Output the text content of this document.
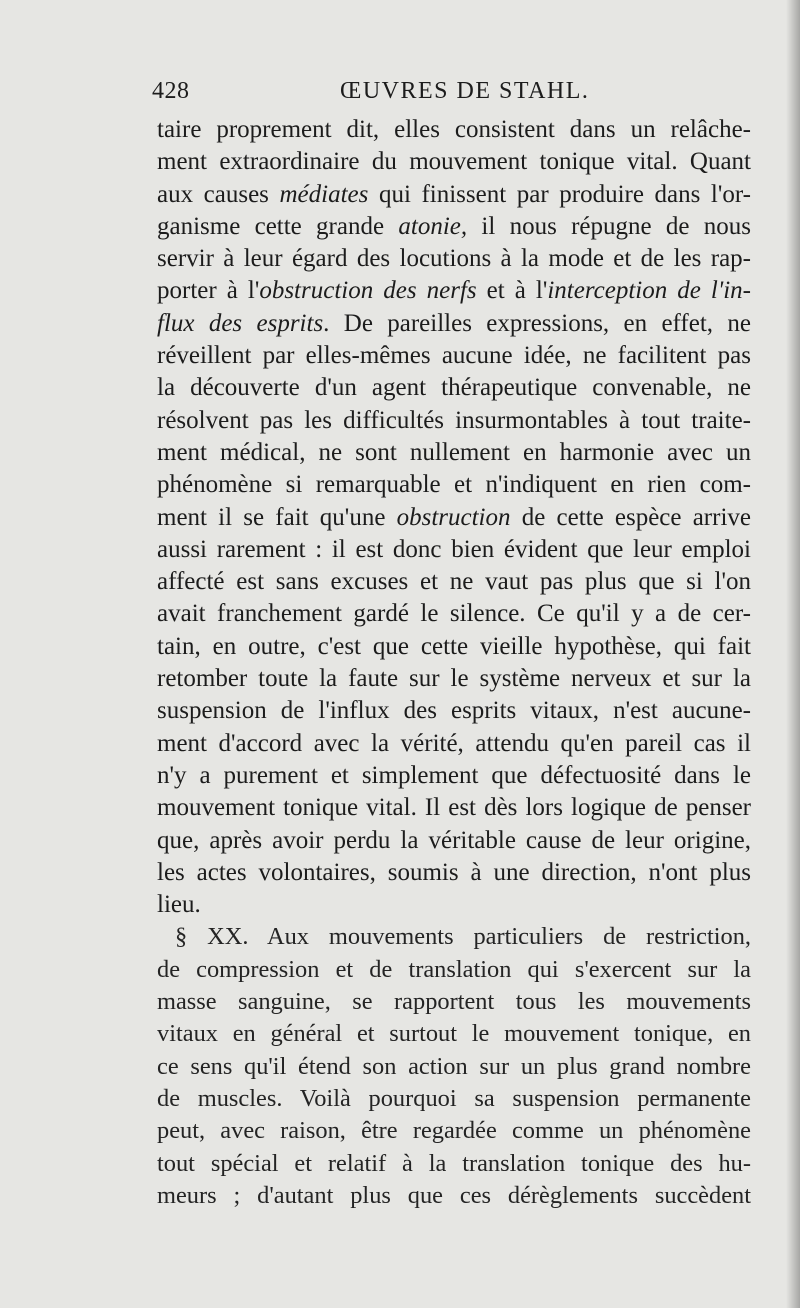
428	ŒUVRES DE STAHL.
taire proprement dit, elles consistent dans un relâche-
ment extraordinaire du mouvement tonique vital. Quant
aux causes médiates qui finissent par produire dans l'or-
ganisme cette grande atonie, il nous répugne de nous
servir à leur égard des locutions à la mode et de les rap-
porter à l'obstruction des nerfs et à l'interception de l'in-
flux des esprits. De pareilles expressions, en effet, ne
réveillent par elles-mêmes aucune idée, ne facilitent pas
la découverte d'un agent thérapeutique convenable, ne
résolvent pas les difficultés insurmontables à tout traite-
ment médical, ne sont nullement en harmonie avec un
phénomène si remarquable et n'indiquent en rien com-
ment il se fait qu'une obstruction de cette espèce arrive
aussi rarement : il est donc bien évident que leur emploi
affecté est sans excuses et ne vaut pas plus que si l'on
avait franchement gardé le silence. Ce qu'il y a de cer-
tain, en outre, c'est que cette vieille hypothèse, qui fait
retomber toute la faute sur le système nerveux et sur la
suspension de l'influx des esprits vitaux, n'est aucune-
ment d'accord avec la vérité, attendu qu'en pareil cas il
n'y a purement et simplement que défectuosité dans le
mouvement tonique vital. Il est dès lors logique de penser
que, après avoir perdu la véritable cause de leur origine,
les actes volontaires, soumis à une direction, n'ont plus
lieu.
§ XX. Aux mouvements particuliers de restriction,
de compression et de translation qui s'exercent sur la
masse sanguine, se rapportent tous les mouvements
vitaux en général et surtout le mouvement tonique, en
ce sens qu'il étend son action sur un plus grand nombre
de muscles. Voilà pourquoi sa suspension permanente
peut, avec raison, être regardée comme un phénomène
tout spécial et relatif à la translation tonique des hu-
meurs ; d'autant plus que ces dérèglements succèdent
